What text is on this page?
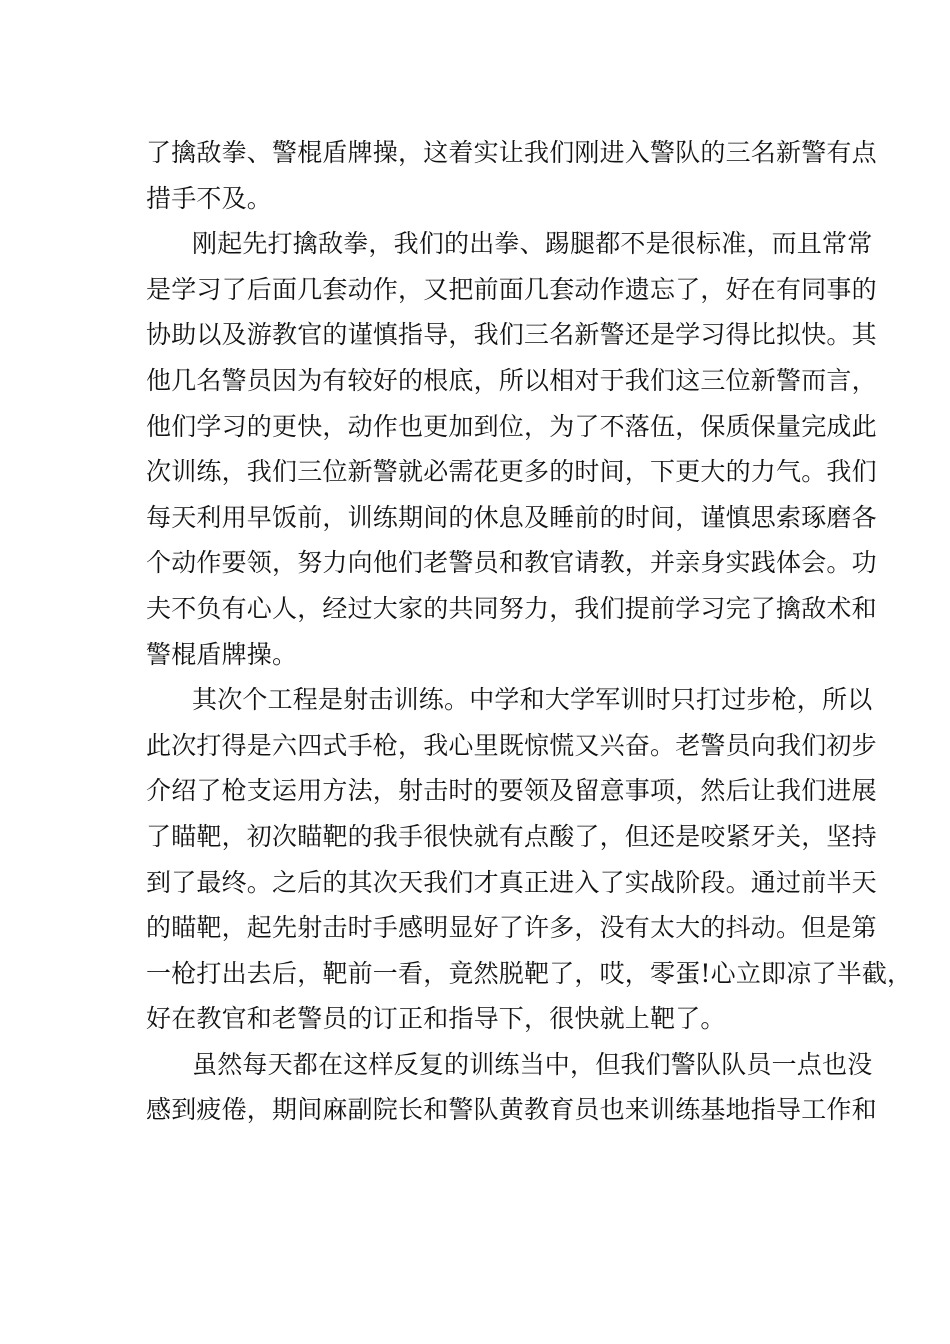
了擒敌拳、警棍盾牌操，这着实让我们刚进入警队的三名新警有点
措手不及。
刚起先打擒敌拳，我们的出拳、踢腿都不是很标准，而且常常
是学习了后面几套动作，又把前面几套动作遗忘了，好在有同事的
协助以及游教官的谨慎指导，我们三名新警还是学习得比拟快。其
他几名警员因为有较好的根底，所以相对于我们这三位新警而言，
他们学习的更快，动作也更加到位，为了不落伍，保质保量完成此
次训练，我们三位新警就必需花更多的时间，下更大的力气。我们
每天利用早饭前，训练期间的休息及睡前的时间，谨慎思索琢磨各
个动作要领，努力向他们老警员和教官请教，并亲身实践体会。功
夫不负有心人，经过大家的共同努力，我们提前学习完了擒敌术和
警棍盾牌操。
其次个工程是射击训练。中学和大学军训时只打过步枪，所以
此次打得是六四式手枪，我心里既惊慌又兴奋。老警员向我们初步
介绍了枪支运用方法，射击时的要领及留意事项，然后让我们进展
了瞄靶，初次瞄靶的我手很快就有点酸了，但还是咬紧牙关，坚持
到了最终。之后的其次天我们才真正进入了实战阶段。通过前半天
的瞄靶，起先射击时手感明显好了许多，没有太大的抖动。但是第
一枪打出去后，靶前一看，竟然脱靶了，哎，零蛋!心立即凉了半截，
好在教官和老警员的订正和指导下，很快就上靶了。
虽然每天都在这样反复的训练当中，但我们警队队员一点也没
感到疲倦，期间麻副院长和警队黄教育员也来训练基地指导工作和
